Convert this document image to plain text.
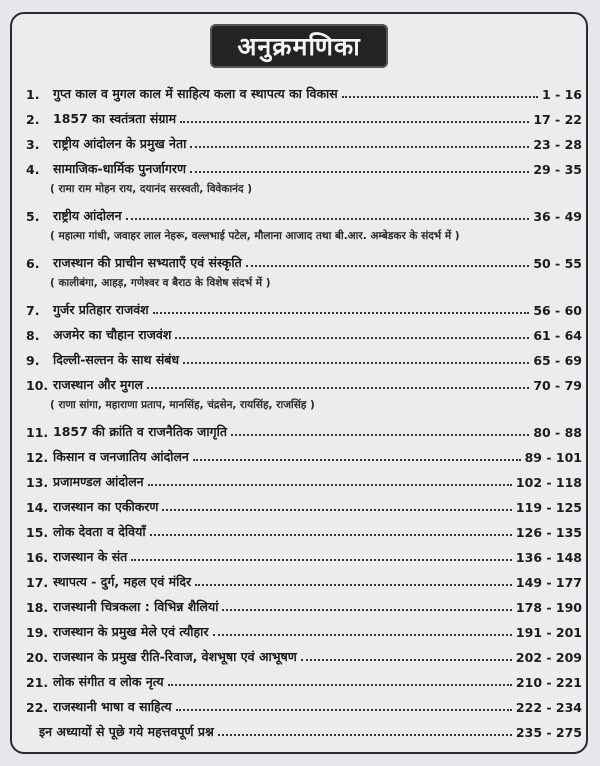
अनुक्रमणिका
1.	गुप्त काल व मुगल काल में साहित्य कला व स्थापत्य का विकास	1 - 16
2.	1857 का स्वतंत्रता संग्राम	17 - 22
3.	राष्ट्रीय आंदोलन के प्रमुख नेता	23 - 28
4.	सामाजिक-धार्मिक पुनर्जागरण	29 - 35
( रामा राम मोहन राय, दयानंद सरस्वती, विवेकानंद )
5.	राष्ट्रीय आंदोलन	36 - 49
( महात्मा गांधी, जवाहर लाल नेहरू, वल्लभाई पटेल, मौलाना आजाद तथा बी.आर. अम्बेडकर के संदर्भ में )
6.	राजस्थान की प्राचीन सभ्यताएँ एवं संस्कृति	50 - 55
( कालीबंगा, आहड़, गणेश्वर व बैराठ के विशेष संदर्भ में )
7.	गुर्जर प्रतिहार राजवंश	56 - 60
8.	अजमेर का चौहान राजवंश	61 - 64
9.	दिल्ली-सल्तन के साथ संबंध	65 - 69
10. राजस्थान और मुगल	70 - 79
( राणा सांगा, महाराणा प्रताप, मानसिंह, चंद्रसेन, रायसिंह, राजसिंह )
11. 1857 की क्रांति व राजनैतिक जागृति	80 - 88
12. किसान व जनजातिय आंदोलन	89 - 101
13. प्रजामण्डल आंदोलन	102 - 118
14. राजस्थान का एकीकरण	119 - 125
15. लोक देवता व देवियाँ	126 - 135
16. राजस्थान के संत	136 - 148
17. स्थापत्य - दुर्ग, महल एवं मंदिर	149 - 177
18. राजस्थानी चित्रकला : विभिन्न शैलियां	178 - 190
19. राजस्थान के प्रमुख मेले एवं त्यौहार	191 - 201
20. राजस्थान के प्रमुख रीति-रिवाज, वेशभूषा एवं आभूषण	202 - 209
21. लोक संगीत व लोक नृत्य	210 - 221
22. राजस्थानी भाषा व साहित्य	222 - 234
इन अध्यायों से पूछे गये महत्तवपूर्ण प्रश्न	235 - 275
